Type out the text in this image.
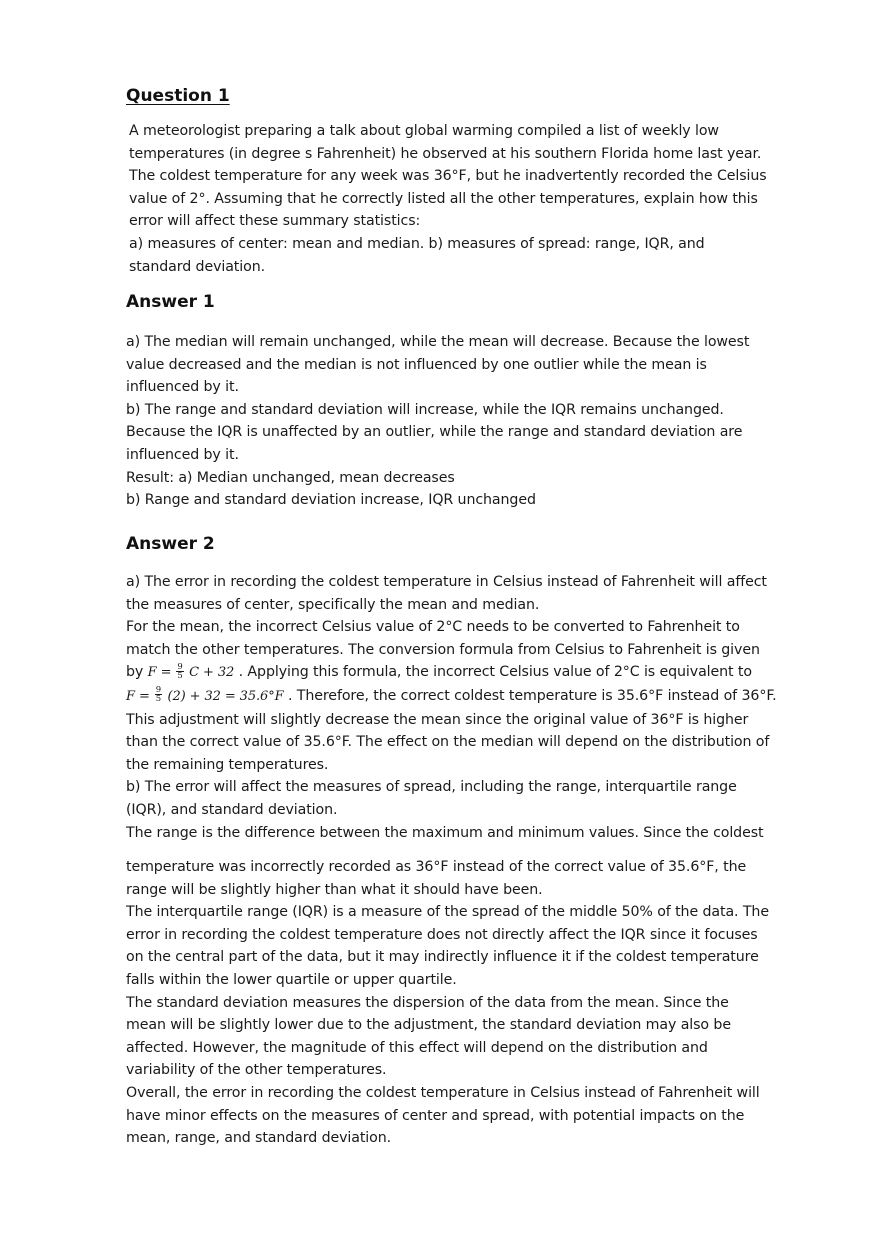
Question 1
A meteorologist preparing a talk about global warming compiled a list of weekly low
temperatures (in degree s Fahrenheit) he observed at his southern Florida home last year.
The coldest temperature for any week was 36°F, but he inadvertently recorded the Celsius
value of 2°. Assuming that he correctly listed all the other temperatures, explain how this
error will affect these summary statistics:
a) measures of center: mean and median. b) measures of spread: range, IQR, and
standard deviation.
Answer 1
a) The median will remain unchanged, while the mean will decrease. Because the lowest
value decreased and the median is not influenced by one outlier while the mean is
influenced by it.
b) The range and standard deviation will increase, while the IQR remains unchanged.
Because the IQR is unaffected by an outlier, while the range and standard deviation are
influenced by it.
Result: a) Median unchanged, mean decreases
b) Range and standard deviation increase, IQR unchanged
Answer 2
a) The error in recording the coldest temperature in Celsius instead of Fahrenheit will affect
the measures of center, specifically the mean and median.
For the mean, the incorrect Celsius value of 2°C needs to be converted to Fahrenheit to
match the other temperatures. The conversion formula from Celsius to Fahrenheit is given
by $F = \frac{9}{5}$ C + 32 . Applying this formula, the incorrect Celsius value of 2°C is equivalent to
$F = \frac{9}{5} (2) + 32 = 35.6^\circ F$ . Therefore, the correct coldest temperature is 35.6°F instead of 36°F.
This adjustment will slightly decrease the mean since the original value of 36°F is higher
than the correct value of 35.6°F. The effect on the median will depend on the distribution of
the remaining temperatures.
b) The error will affect the measures of spread, including the range, interquartile range
(IQR), and standard deviation.
The range is the difference between the maximum and minimum values. Since the coldest
temperature was incorrectly recorded as 36°F instead of the correct value of 35.6°F, the
range will be slightly higher than what it should have been.
The interquartile range (IQR) is a measure of the spread of the middle 50% of the data. The
error in recording the coldest temperature does not directly affect the IQR since it focuses
on the central part of the data, but it may indirectly influence it if the coldest temperature
falls within the lower quartile or upper quartile.
The standard deviation measures the dispersion of the data from the mean. Since the
mean will be slightly lower due to the adjustment, the standard deviation may also be
affected. However, the magnitude of this effect will depend on the distribution and
variability of the other temperatures.
Overall, the error in recording the coldest temperature in Celsius instead of Fahrenheit will
have minor effects on the measures of center and spread, with potential impacts on the
mean, range, and standard deviation.
